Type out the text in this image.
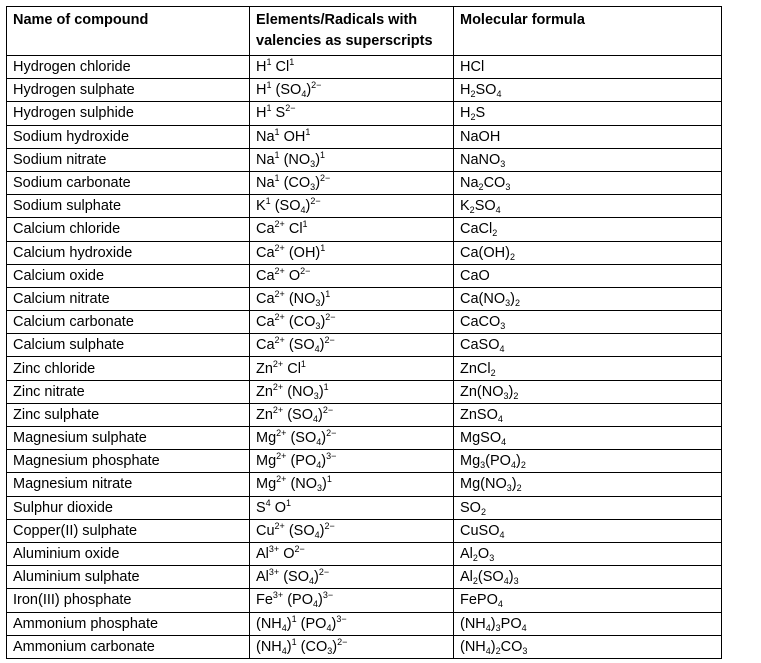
Name of compound	Elements/Radicals with valencies as superscripts	Molecular formula
Hydrogen chloride	$H^1$ Cl$^1$	HCl
Hydrogen sulphate	$H^1$ $(SO_4)^{2-}$	$H_2SO_4$
Hydrogen sulphide	$H^1$ $S^{2-}$	$H_2S$
Sodium hydroxide	Na$^1$ $OH^1$	NaOH
Sodium nitrate	Na$^1$ $(NO_3)^1$	NaNO$_3$
Sodium carbonate	Na$^1$ $(CO_3)^{2-}$	$Na_2CO_3$
Sodium sulphate	$K^1$ $(SO_4)^{2-}$	$K_2SO_4$
Calcium chloride	$Ca^{2+}$ Cl$^1$	CaCl$_2$
Calcium hydroxide	$Ca^{2+}$ (OH)$^1$	$Ca(OH)_2$
Calcium oxide	$Ca^{2+}$ $O^{2-}$	CaO
Calcium nitrate	$Ca^{2+}$ $(NO_3)^1$	$Ca(NO_3)_2$
Calcium carbonate	$Ca^{2+}$ $(CO_3)^{2-}$	CaCO$_3$
Calcium sulphate	$Ca^{2+}$ $(SO_4)^{2-}$	CaSO$_4$
Zinc chloride	$Zn^{2+}$ Cl$^1$	ZnCl$_2$
Zinc nitrate	$Zn^{2+}$ $(NO_3)^1$	$Zn(NO_3)_2$
Zinc sulphate	$Zn^{2+}$ $(SO_4)^{2-}$	ZnSO$_4$
Magnesium sulphate	$Mg^{2+}$ $(SO_4)^{2-}$	MgSO$_4$
Magnesium phosphate	$Mg^{2+}$ $(PO_4)^{3-}$	$Mg_3(PO_4)_2$
Magnesium nitrate	$Mg^{2+}$ $(NO_3)^1$	$Mg(NO_3)_2$
Sulphur dioxide	$S^4$ $O^1$	$SO_2$
Copper(II) sulphate	$Cu^{2+}$ $(SO_4)^{2-}$	CuSO$_4$
Aluminium oxide	$Al^{3+}$ $O^{2-}$	$Al_2O_3$
Aluminium sulphate	$Al^{3+}$ $(SO_4)^{2-}$	$Al_2(SO_4)_3$
Iron(III) phosphate	$Fe^{3+}$ $(PO_4)^{3-}$	FePO$_4$
Ammonium phosphate	$(NH_4)^1$ $(PO_4)^{3-}$	$(NH_4)_3PO_4$
Ammonium carbonate	$(NH_4)^1$ $(CO_3)^{2-}$	$(NH_4)_2CO_3$
